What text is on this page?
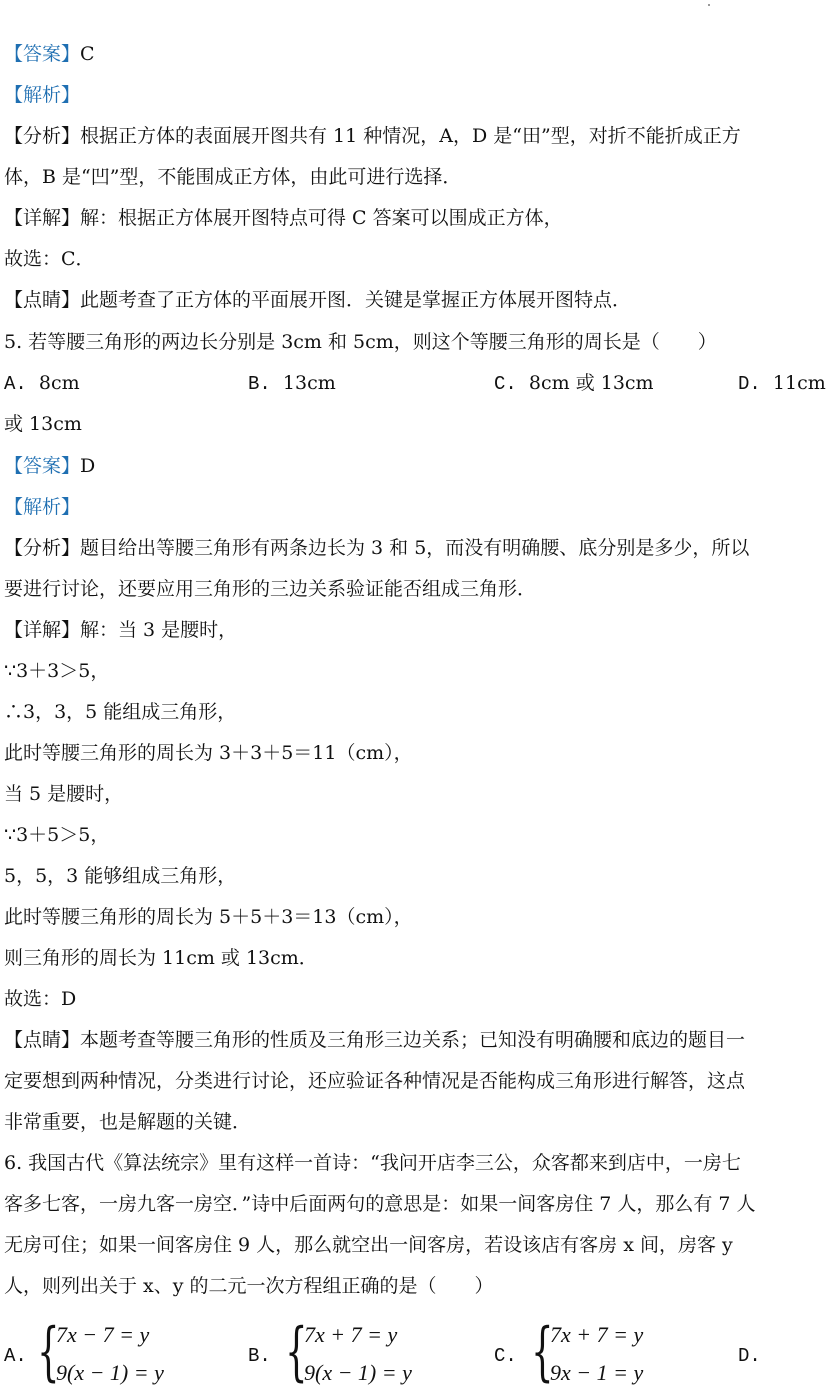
【答案】C
【解析】
【分析】根据正方体的表面展开图共有 11 种情况，A，D 是“田”型，对折不能折成正方
体，B 是“凹”型，不能围成正方体，由此可进行选择．
【详解】解：根据正方体展开图特点可得 C 答案可以围成正方体，
故选：C．
【点睛】此题考查了正方体的平面展开图．关键是掌握正方体展开图特点．
5. 若等腰三角形的两边长分别是 3cm 和 5cm，则这个等腰三角形的周长是（　　）
A. 8cm	B. 13cm	C. 8cm 或 13cm	D. 11cm
或 13cm
【答案】D
【解析】
【分析】题目给出等腰三角形有两条边长为 3 和 5，而没有明确腰、底分别是多少，所以
要进行讨论，还要应用三角形的三边关系验证能否组成三角形．
【详解】解：当 3 是腰时，
∵3＋3＞5，
∴3，3，5 能组成三角形，
此时等腰三角形的周长为 3＋3＋5＝11（cm），
当 5 是腰时，
∵3＋5＞5，
5，5，3 能够组成三角形，
此时等腰三角形的周长为 5＋5＋3＝13（cm），
则三角形的周长为 11cm 或 13cm．
故选：D
【点睛】本题考查等腰三角形的性质及三角形三边关系；已知没有明确腰和底边的题目一
定要想到两种情况，分类进行讨论，还应验证各种情况是否能构成三角形进行解答，这点
非常重要，也是解题的关键．
6. 我国古代《算法统宗》里有这样一首诗：“我问开店李三公，众客都来到店中，一房七
客多七客，一房九客一房空．”诗中后面两句的意思是：如果一间客房住 7 人，那么有 7 人
无房可住；如果一间客房住 9 人，那么就空出一间客房，若设该店有客房 x 间，房客 y
人，则列出关于 x、y 的二元一次方程组正确的是（　　）
A. {
7x − 7 = y
9(x − 1) = y
B. {
7x + 7 = y
9(x − 1) = y
C. {
7x + 7 = y
9x − 1 = y
D.
